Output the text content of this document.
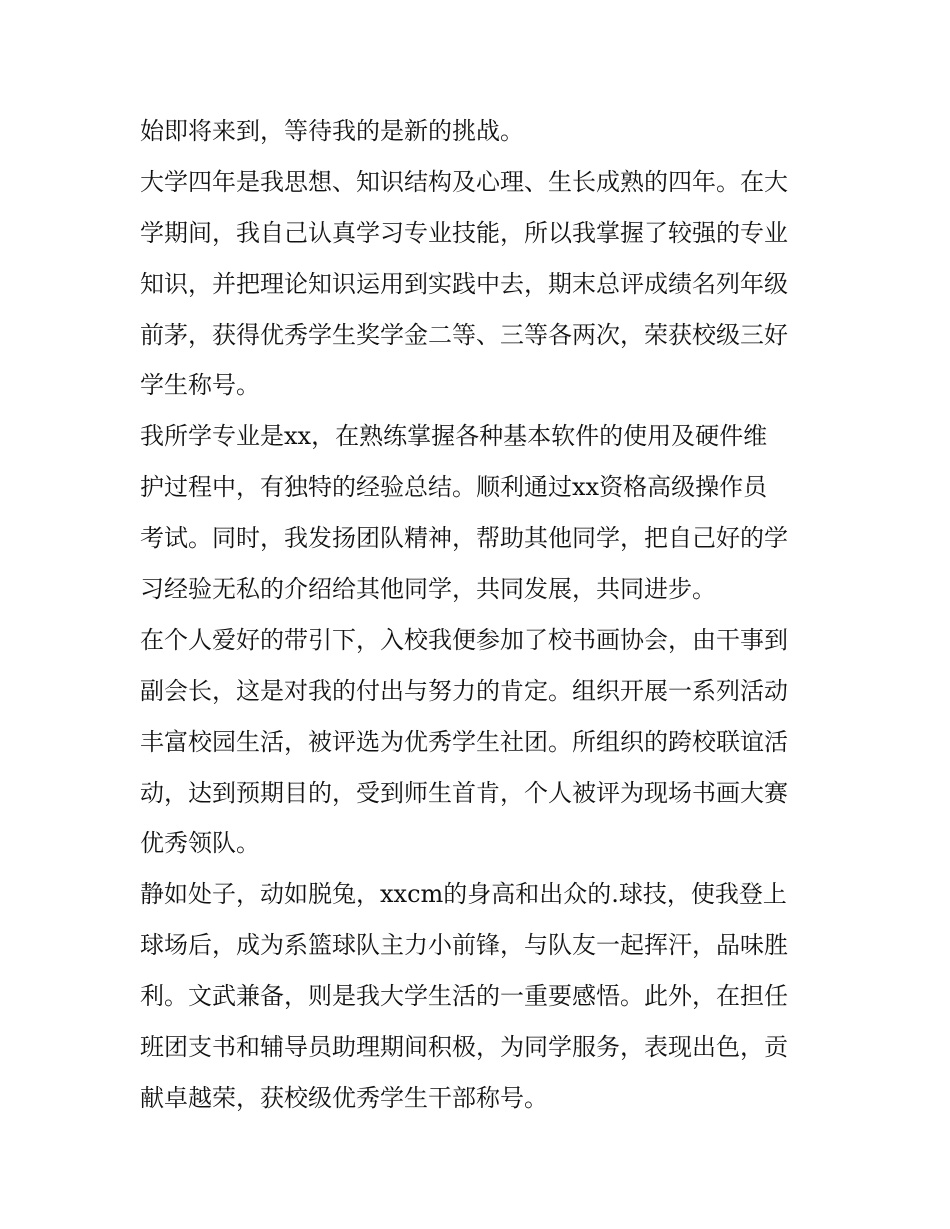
始即将来到，等待我的是新的挑战。
大学四年是我思想、知识结构及心理、生长成熟的四年。在大
学期间，我自己认真学习专业技能，所以我掌握了较强的专业
知识，并把理论知识运用到实践中去，期末总评成绩名列年级
前茅，获得优秀学生奖学金二等、三等各两次，荣获校级三好
学生称号。
我所学专业是xx，在熟练掌握各种基本软件的使用及硬件维
护过程中，有独特的经验总结。顺利通过xx资格高级操作员
考试。同时，我发扬团队精神，帮助其他同学，把自己好的学
习经验无私的介绍给其他同学，共同发展，共同进步。
在个人爱好的带引下，入校我便参加了校书画协会，由干事到
副会长，这是对我的付出与努力的肯定。组织开展一系列活动
丰富校园生活，被评选为优秀学生社团。所组织的跨校联谊活
动，达到预期目的，受到师生首肯，个人被评为现场书画大赛
优秀领队。
静如处子，动如脱兔，xxcm的身高和出众的.球技，使我登上
球场后，成为系篮球队主力小前锋，与队友一起挥汗，品味胜
利。文武兼备，则是我大学生活的一重要感悟。此外，在担任
班团支书和辅导员助理期间积极，为同学服务，表现出色，贡
献卓越荣，获校级优秀学生干部称号。
